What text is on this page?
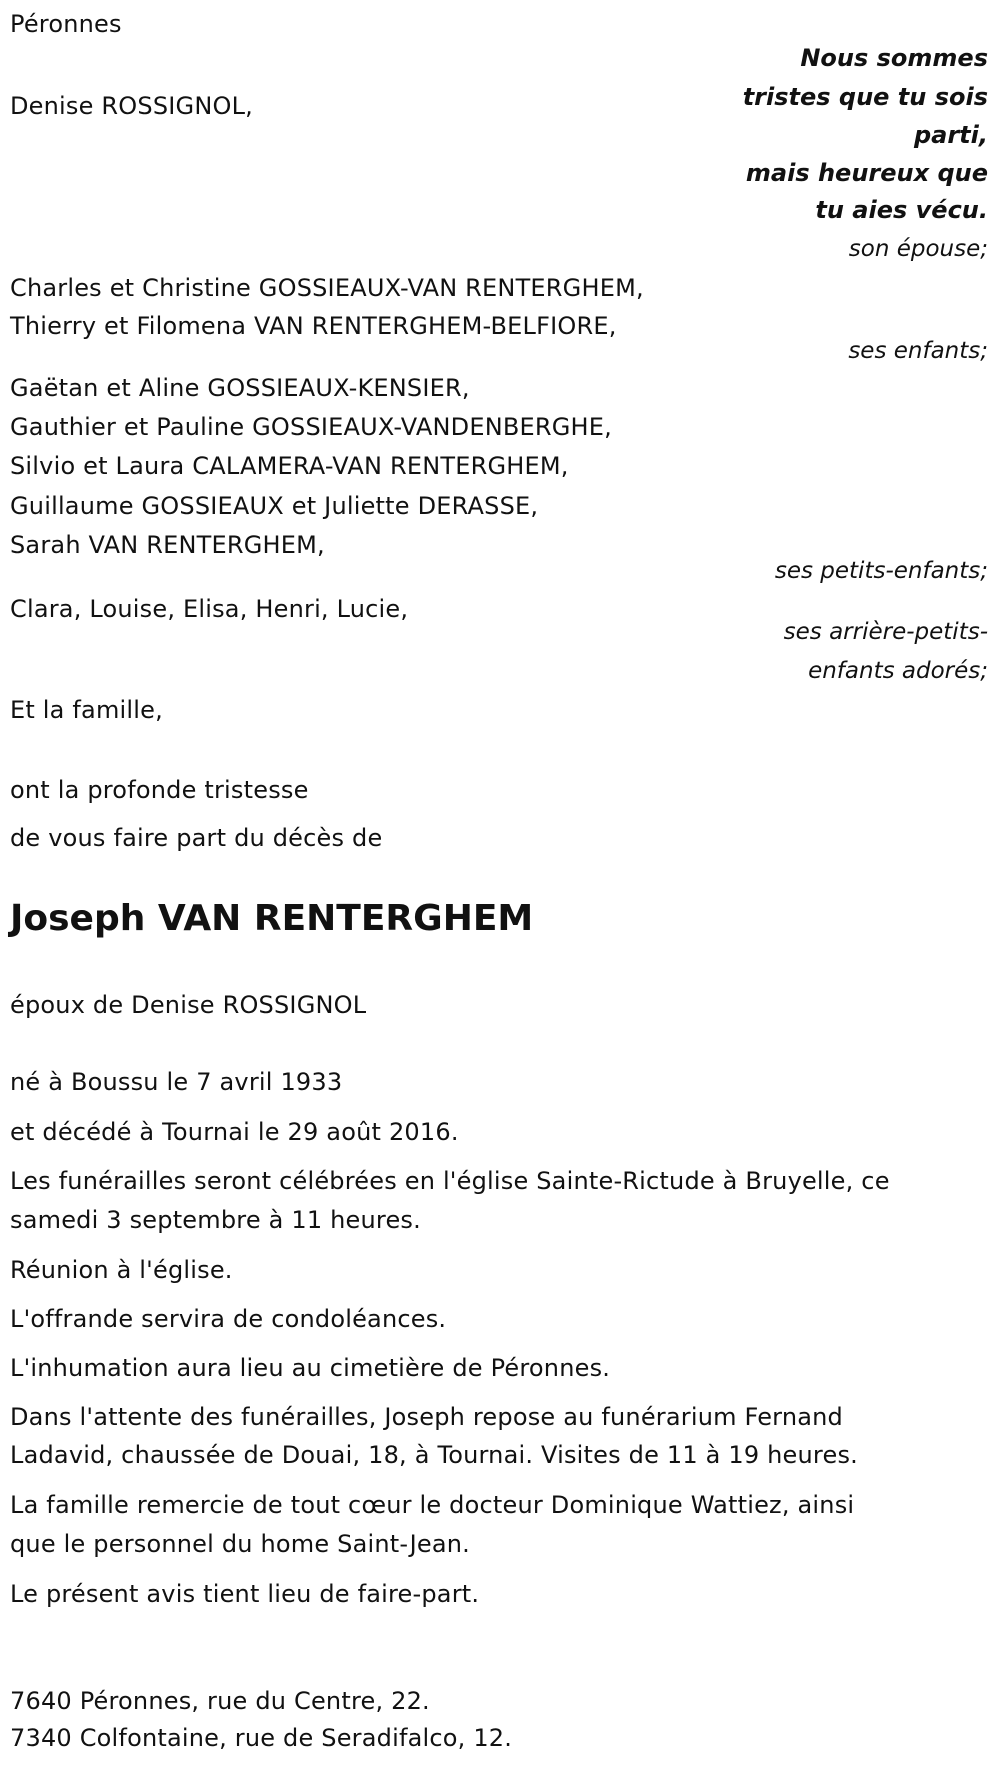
Péronnes
Nous sommes
tristes que tu sois
parti,
mais heureux que
tu aies vécu.
Denise ROSSIGNOL,
son épouse;
Charles et Christine GOSSIEAUX-VAN RENTERGHEM,
Thierry et Filomena VAN RENTERGHEM-BELFIORE,
ses enfants;
Gaëtan et Aline GOSSIEAUX-KENSIER,
Gauthier et Pauline GOSSIEAUX-VANDENBERGHE,
Silvio et Laura CALAMERA-VAN RENTERGHEM,
Guillaume GOSSIEAUX et Juliette DERASSE,
Sarah VAN RENTERGHEM,
ses petits-enfants;
Clara, Louise, Elisa, Henri, Lucie,
ses arrière-petits-
enfants adorés;
Et la famille,
ont la profonde tristesse
de vous faire part du décès de
Joseph VAN RENTERGHEM
époux de Denise ROSSIGNOL
né à Boussu le 7 avril 1933
et décédé à Tournai le 29 août 2016.
Les funérailles seront célébrées en l'église Sainte-Rictude à Bruyelle, ce
samedi 3 septembre à 11 heures.
Réunion à l'église.
L'offrande servira de condoléances.
L'inhumation aura lieu au cimetière de Péronnes.
Dans l'attente des funérailles, Joseph repose au funérarium Fernand
Ladavid, chaussée de Douai, 18, à Tournai. Visites de 11 à 19 heures.
La famille remercie de tout cœur le docteur Dominique Wattiez, ainsi
que le personnel du home Saint-Jean.
Le présent avis tient lieu de faire-part.
7640 Péronnes, rue du Centre, 22.
7340 Colfontaine, rue de Seradifalco, 12.
